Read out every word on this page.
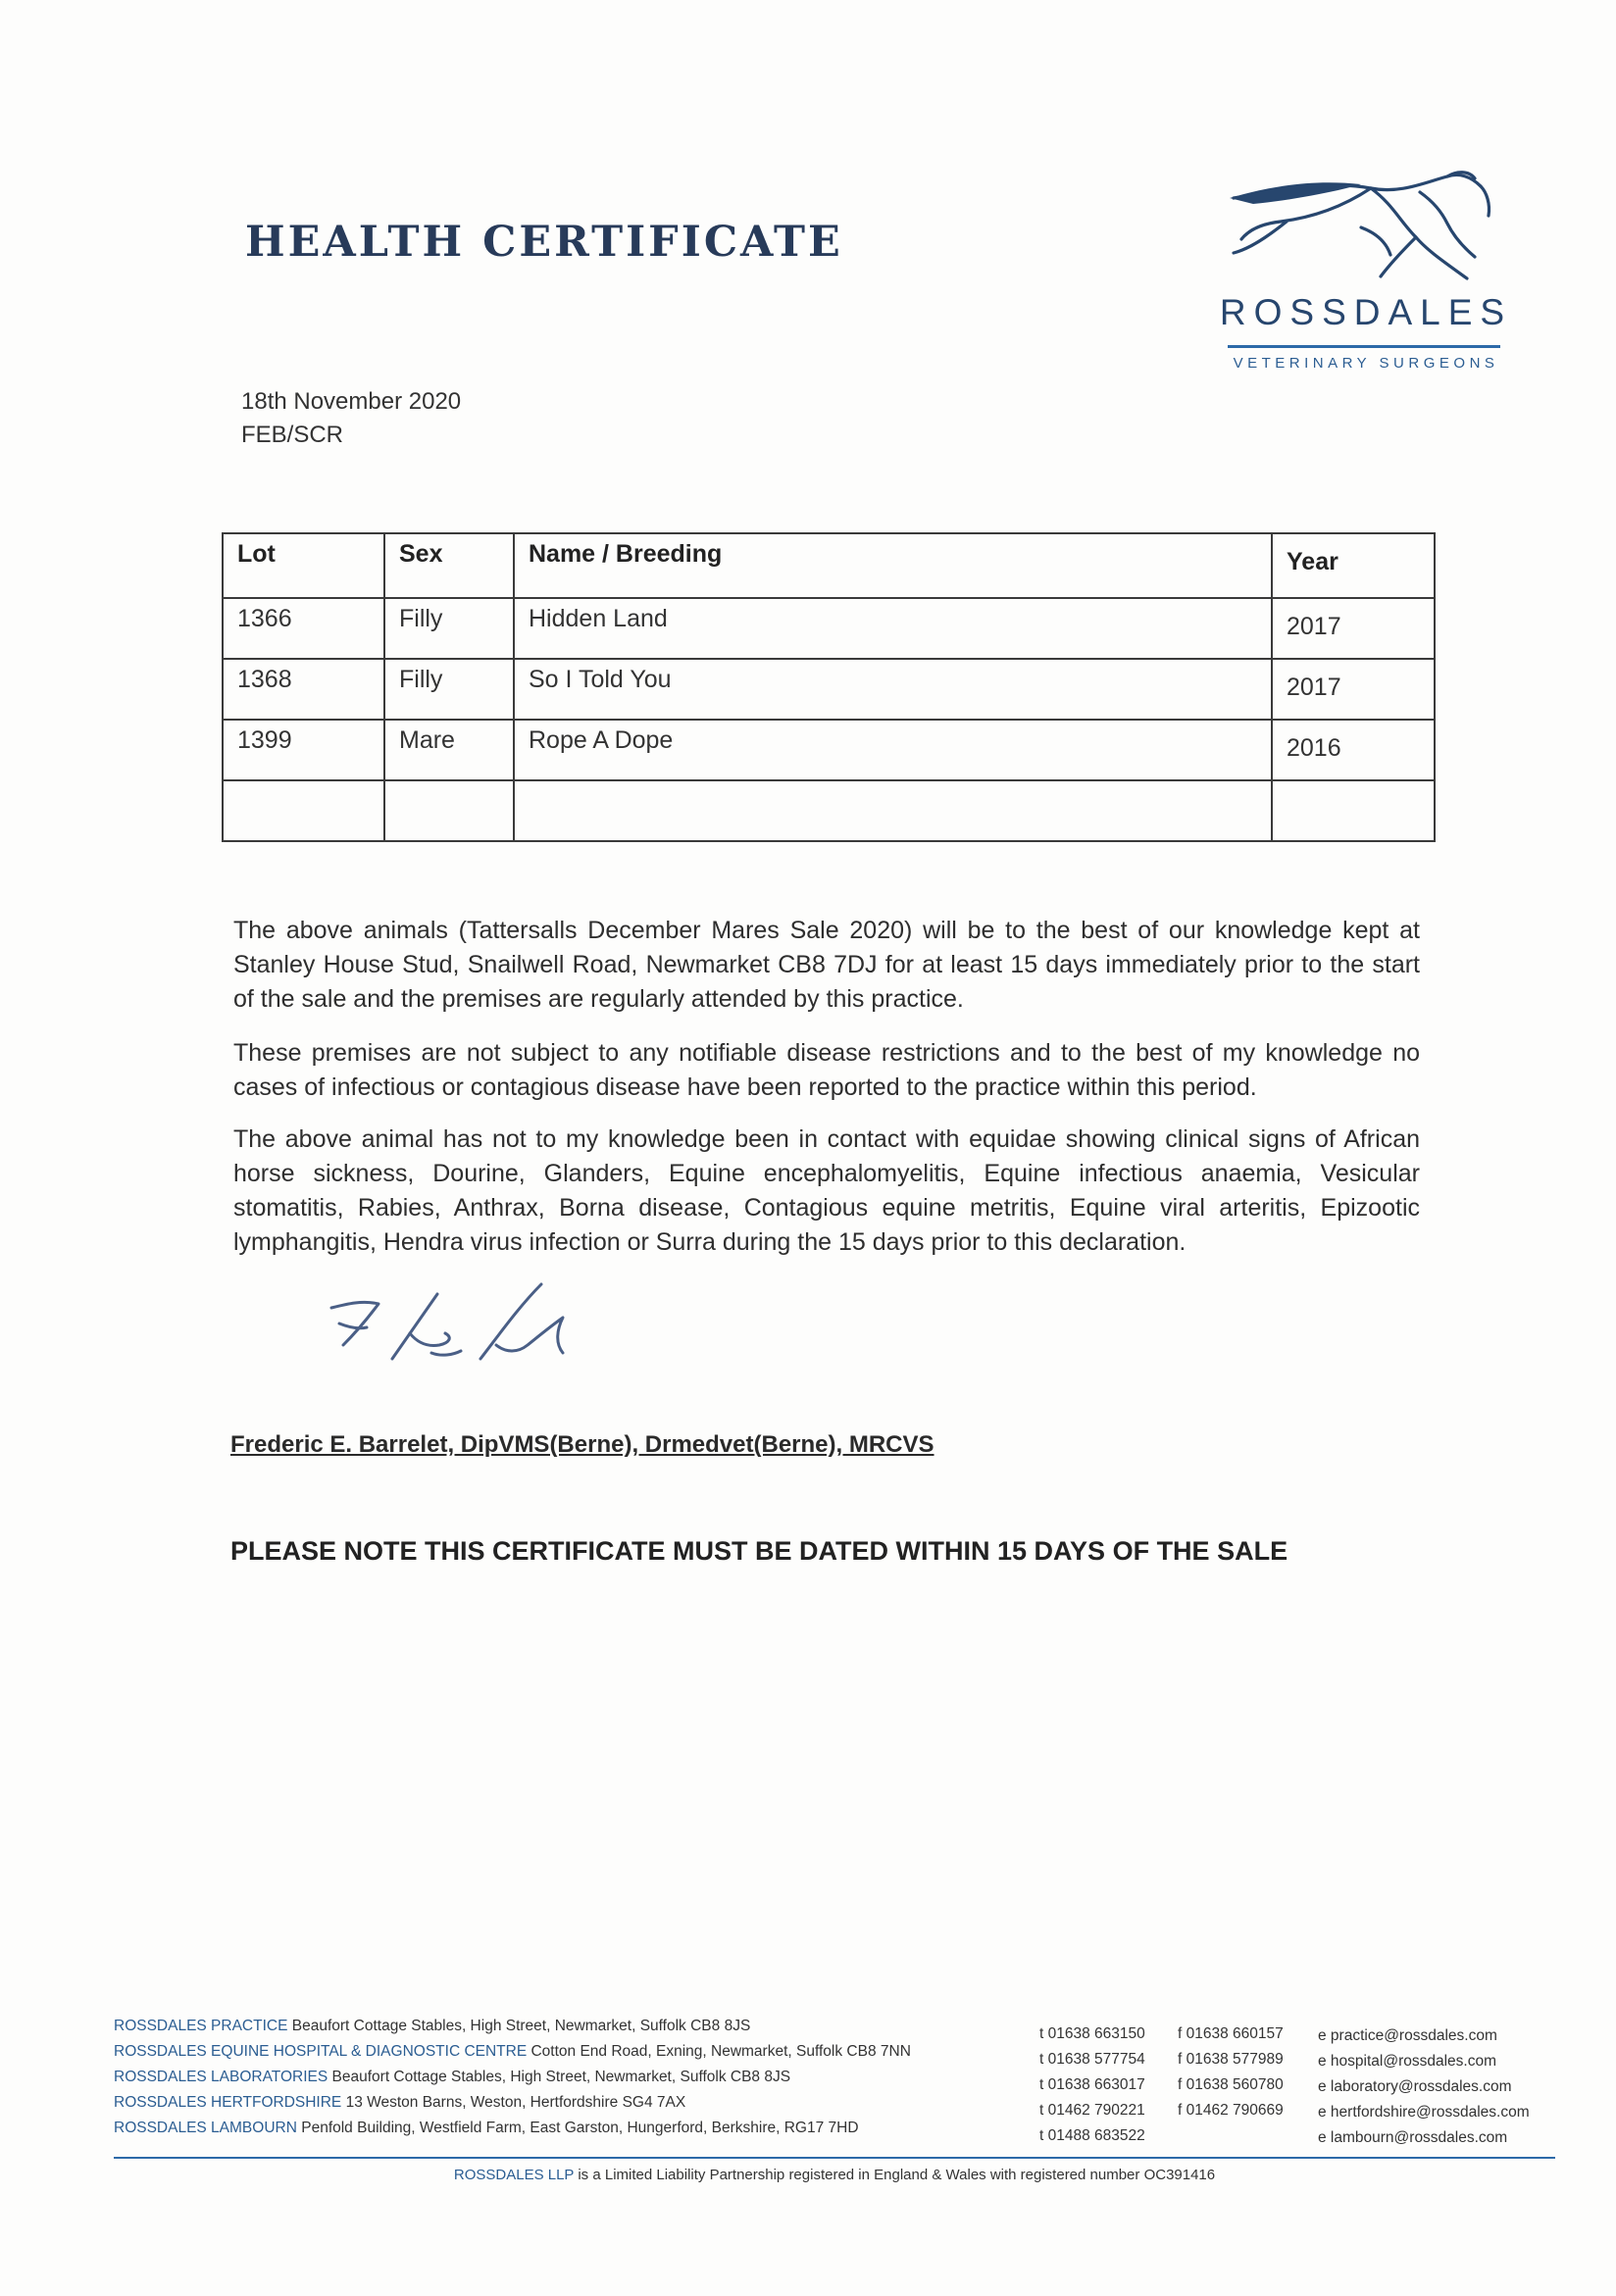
HEALTH CERTIFICATE
ROSSDALES
VETERINARY SURGEONS
18th November 2020
FEB/SCR
Lot	Sex	Name / Breeding	Year
1366	Filly	Hidden Land	2017
1368	Filly	So I Told You	2017
1399	Mare	Rope A Dope	2016

The above animals (Tattersalls December Mares Sale 2020) will be to the best of our knowledge kept at Stanley House Stud, Snailwell Road, Newmarket CB8 7DJ for at least 15 days immediately prior to the start of the sale and the premises are regularly attended by this practice.
These premises are not subject to any notifiable disease restrictions and to the best of my knowledge no cases of infectious or contagious disease have been reported to the practice within this period.
The above animal has not to my knowledge been in contact with equidae showing clinical signs of African horse sickness, Dourine, Glanders, Equine encephalomyelitis, Equine infectious anaemia, Vesicular stomatitis, Rabies, Anthrax, Borna disease, Contagious equine metritis, Equine viral arteritis, Epizootic lymphangitis, Hendra virus infection or Surra during the 15 days prior to this declaration.
Frederic E. Barrelet, DipVMS(Berne), Drmedvet(Berne), MRCVS
PLEASE NOTE THIS CERTIFICATE MUST BE DATED WITHIN 15 DAYS OF THE SALE
ROSSDALES PRACTICE Beaufort Cottage Stables, High Street, Newmarket, Suffolk CB8 8JS	t 01638 663150 f 01638 660157 e practice@rossdales.com
ROSSDALES EQUINE HOSPITAL & DIAGNOSTIC CENTRE Cotton End Road, Exning, Newmarket, Suffolk CB8 7NN	t 01638 577754 f 01638 577989 e hospital@rossdales.com
ROSSDALES LABORATORIES Beaufort Cottage Stables, High Street, Newmarket, Suffolk CB8 8JS	t 01638 663017 f 01638 560780 e laboratory@rossdales.com
ROSSDALES HERTFORDSHIRE 13 Weston Barns, Weston, Hertfordshire SG4 7AX	t 01462 790221 f 01462 790669 e hertfordshire@rossdales.com
ROSSDALES LAMBOURN Penfold Building, Westfield Farm, East Garston, Hungerford, Berkshire, RG17 7HD	t 01488 683522	e lambourn@rossdales.com
ROSSDALES LLP is a Limited Liability Partnership registered in England & Wales with registered number OC391416
